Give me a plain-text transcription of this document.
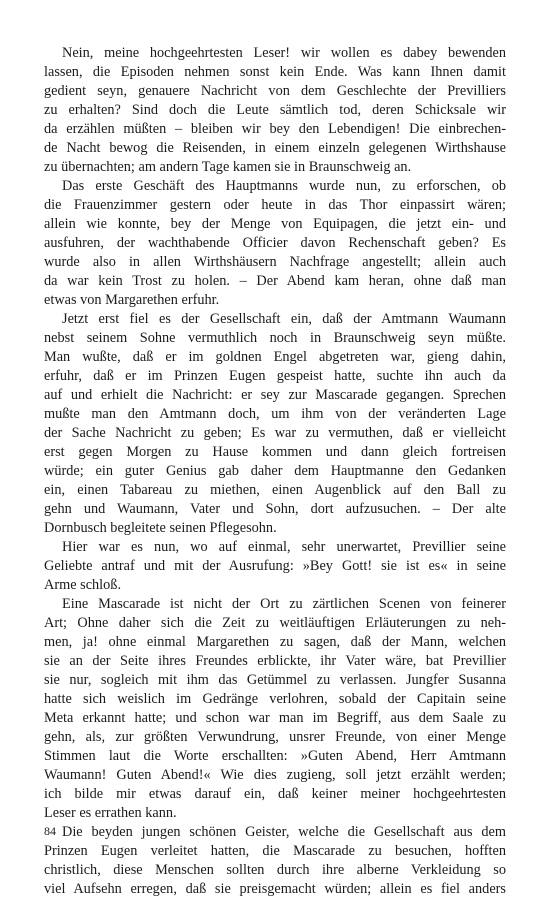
Nein, meine hochgeehrtesten Leser! wir wollen es dabey bewenden
lassen, die Episoden nehmen sonst kein Ende. Was kann Ihnen damit
gedient seyn, genauere Nachricht von dem Geschlechte der Previlliers
zu erhalten? Sind doch die Leute sämtlich tod, deren Schicksale wir
da erzählen müßten – bleiben wir bey den Lebendigen! Die einbrechen-
de Nacht bewog die Reisenden, in einem einzeln gelegenen Wirthshause
zu übernachten; am andern Tage kamen sie in Braunschweig an.
Das erste Geschäft des Hauptmanns wurde nun, zu erforschen, ob
die Frauenzimmer gestern oder heute in das Thor einpassirt wären;
allein wie konnte, bey der Menge von Equipagen, die jetzt ein- und
ausfuhren, der wachthabende Officier davon Rechenschaft geben? Es
wurde also in allen Wirthshäusern Nachfrage angestellt; allein auch
da war kein Trost zu holen. – Der Abend kam heran, ohne daß man
etwas von Margarethen erfuhr.
Jetzt erst fiel es der Gesellschaft ein, daß der Amtmann Waumann
nebst seinem Sohne vermuthlich noch in Braunschweig seyn müßte.
Man wußte, daß er im goldnen Engel abgetreten war, gieng dahin,
erfuhr, daß er im Prinzen Eugen gespeist hatte, suchte ihn auch da
auf und erhielt die Nachricht: er sey zur Mascarade gegangen. Sprechen
mußte man den Amtmann doch, um ihm von der veränderten Lage
der Sache Nachricht zu geben; Es war zu vermuthen, daß er vielleicht
erst gegen Morgen zu Hause kommen und dann gleich fortreisen
würde; ein guter Genius gab daher dem Hauptmanne den Gedanken
ein, einen Tabareau zu miethen, einen Augenblick auf den Ball zu
gehn und Waumann, Vater und Sohn, dort aufzusuchen. – Der alte
Dornbusch begleitete seinen Pflegesohn.
Hier war es nun, wo auf einmal, sehr unerwartet, Previllier seine
Geliebte antraf und mit der Ausrufung: »Bey Gott! sie ist es« in seine
Arme schloß.
Eine Mascarade ist nicht der Ort zu zärtlichen Scenen von feinerer
Art; Ohne daher sich die Zeit zu weitläuftigen Erläuterungen zu neh-
men, ja! ohne einmal Margarethen zu sagen, daß der Mann, welchen
sie an der Seite ihres Freundes erblickte, ihr Vater wäre, bat Previllier
sie nur, sogleich mit ihm das Getümmel zu verlassen. Jungfer Susanna
hatte sich weislich im Gedränge verlohren, sobald der Capitain seine
Meta erkannt hatte; und schon war man im Begriff, aus dem Saale zu
gehn, als, zur größten Verwundrung, unsrer Freunde, von einer Menge
Stimmen laut die Worte erschallten: »Guten Abend, Herr Amtmann
Waumann! Guten Abend!« Wie dies zugieng, soll jetzt erzählt werden;
ich bilde mir etwas darauf ein, daß keiner meiner hochgeehrtesten
Leser es errathen kann.
Die beyden jungen schönen Geister, welche die Gesellschaft aus dem
Prinzen Eugen verleitet hatten, die Mascarade zu besuchen, hofften
christlich, diese Menschen sollten durch ihre alberne Verkleidung so
viel Aufsehn erregen, daß sie preisgemacht würden; allein es fiel anders
84
